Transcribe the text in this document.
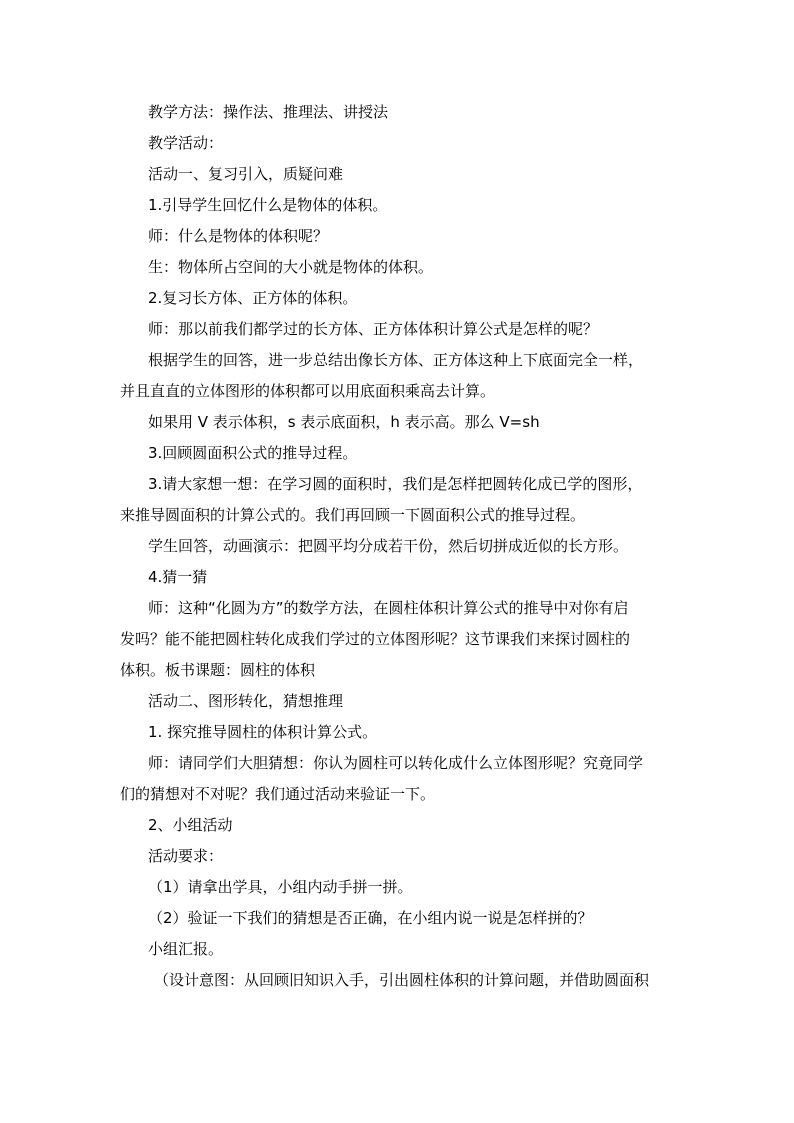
教学方法：操作法、推理法、讲授法
教学活动：
活动一、复习引入，质疑问难
1.引导学生回忆什么是物体的体积。
师：什么是物体的体积呢？
生：物体所占空间的大小就是物体的体积。
2.复习长方体、正方体的体积。
师：那以前我们都学过的长方体、正方体体积计算公式是怎样的呢？
根据学生的回答，进一步总结出像长方体、正方体这种上下底面完全一样，
并且直直的立体图形的体积都可以用底面积乘高去计算。
如果用 V 表示体积，s 表示底面积，h 表示高。那么 V=sh
3.回顾圆面积公式的推导过程。
3.请大家想一想：在学习圆的面积时，我们是怎样把圆转化成已学的图形，
来推导圆面积的计算公式的。我们再回顾一下圆面积公式的推导过程。
学生回答，动画演示：把圆平均分成若干份，然后切拼成近似的长方形。
4.猜一猜
师：这种“化圆为方”的数学方法，在圆柱体积计算公式的推导中对你有启
发吗？能不能把圆柱转化成我们学过的立体图形呢？这节课我们来探讨圆柱的
体积。板书课题：圆柱的体积
活动二、图形转化，猜想推理
1. 探究推导圆柱的体积计算公式。
师：请同学们大胆猜想：你认为圆柱可以转化成什么立体图形呢？究竟同学
们的猜想对不对呢？我们通过活动来验证一下。
2、小组活动
活动要求：
（1）请拿出学具，小组内动手拼一拼。
（2）验证一下我们的猜想是否正确，在小组内说一说是怎样拼的？
小组汇报。
（设计意图：从回顾旧知识入手，引出圆柱体积的计算问题，并借助圆面积
